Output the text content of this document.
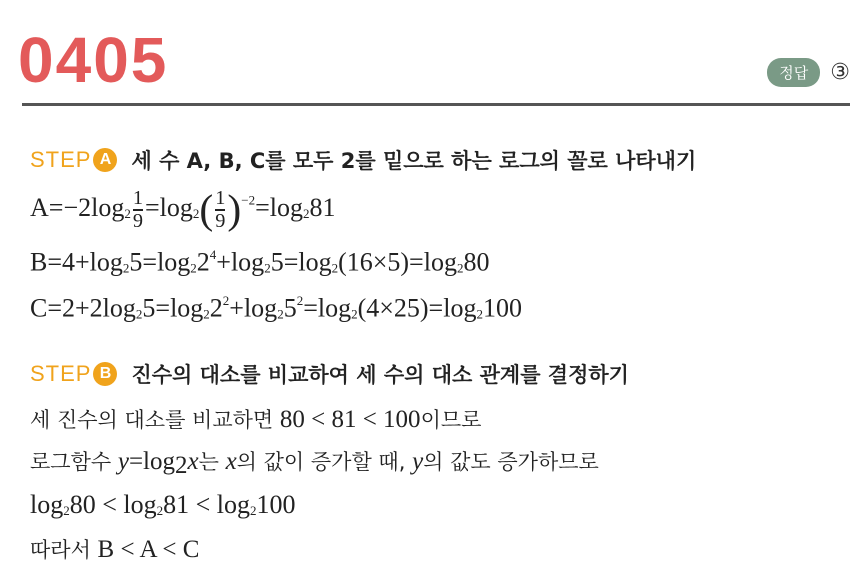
0405	정답	③
STEP A 세 수 A, B, C를 모두 2를 밑으로 하는 로그의 꼴로 나타내기
$A=-2\log_2 \frac{1}{9} =\log_2( \frac{1}{9} )^{-2}=\log_281$
$B=4+\log_25=\log_22^4+\log_25=\log_2(16\times 5)=\log_280$
$C=2+2\log_25=\log_22^2+\log_25^2=\log_2(4\times 25)=\log_2100$
STEP B 진수의 대소를 비교하여 세 수의 대소 관계를 결정하기
세 진수의 대소를 비교하면 80 < 81 < 100이므로
로그함수 $y=\log_2x$는 x의 값이 증가할 때, y의 값도 증가하므로
$\log_280 < \log_281 < \log_2100$
따라서 B < A < C
